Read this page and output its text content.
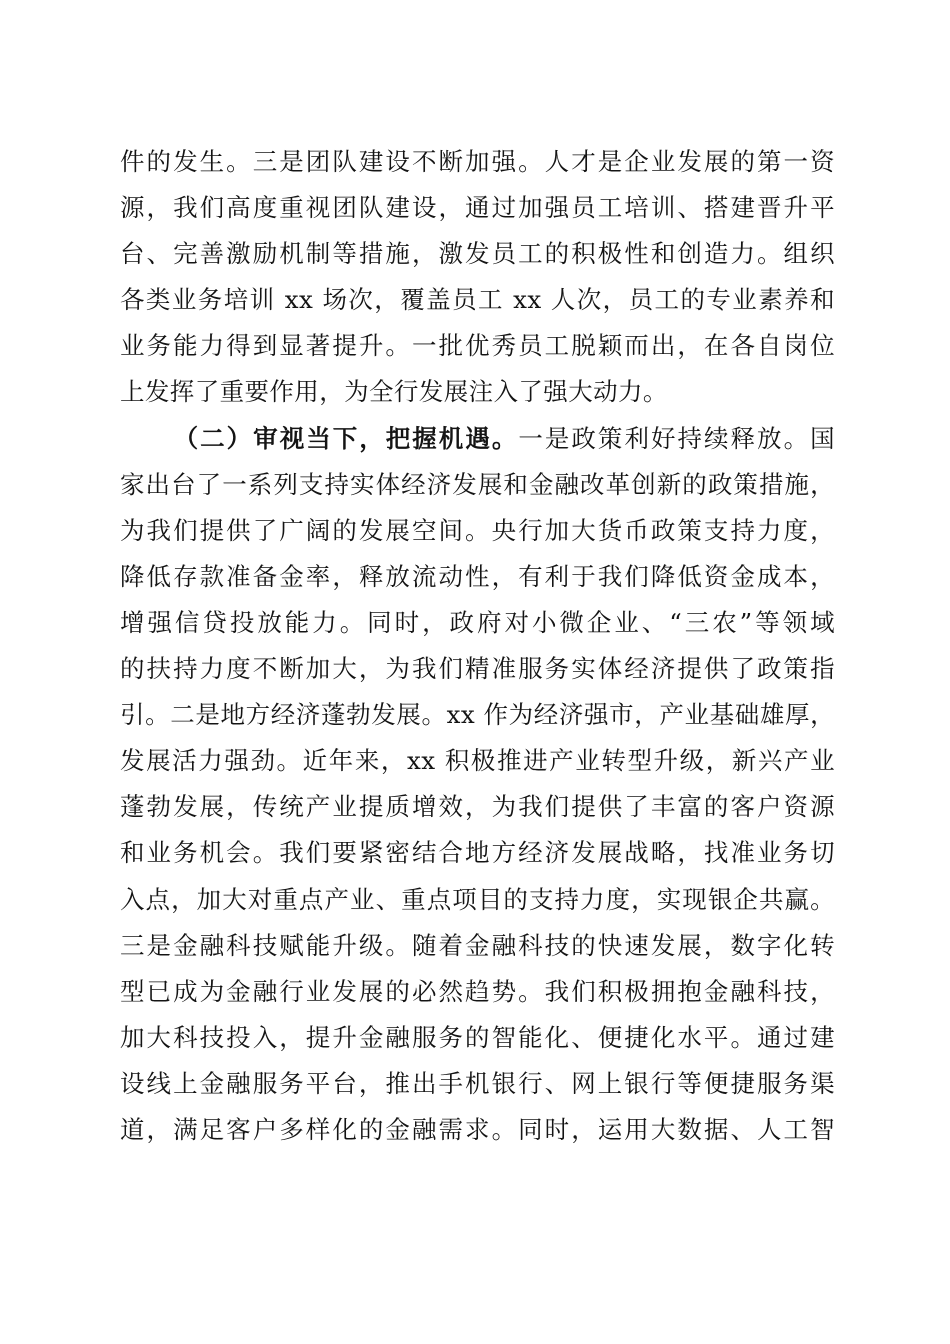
件的发生。三是团队建设不断加强。人才是企业发展的第一资
源，我们高度重视团队建设，通过加强员工培训、搭建晋升平
台、完善激励机制等措施，激发员工的积极性和创造力。组织
各类业务培训 xx 场次，覆盖员工 xx 人次，员工的专业素养和
业务能力得到显著提升。一批优秀员工脱颖而出，在各自岗位
上发挥了重要作用，为全行发展注入了强大动力。
（二）审视当下，把握机遇。一是政策利好持续释放。国
家出台了一系列支持实体经济发展和金融改革创新的政策措施，
为我们提供了广阔的发展空间。央行加大货币政策支持力度，
降低存款准备金率，释放流动性，有利于我们降低资金成本，
增强信贷投放能力。同时，政府对小微企业、“三农”等领域
的扶持力度不断加大，为我们精准服务实体经济提供了政策指
引。二是地方经济蓬勃发展。xx 作为经济强市，产业基础雄厚，
发展活力强劲。近年来，xx 积极推进产业转型升级，新兴产业
蓬勃发展，传统产业提质增效，为我们提供了丰富的客户资源
和业务机会。我们要紧密结合地方经济发展战略，找准业务切
入点，加大对重点产业、重点项目的支持力度，实现银企共赢。
三是金融科技赋能升级。随着金融科技的快速发展，数字化转
型已成为金融行业发展的必然趋势。我们积极拥抱金融科技，
加大科技投入，提升金融服务的智能化、便捷化水平。通过建
设线上金融服务平台，推出手机银行、网上银行等便捷服务渠
道，满足客户多样化的金融需求。同时，运用大数据、人工智
